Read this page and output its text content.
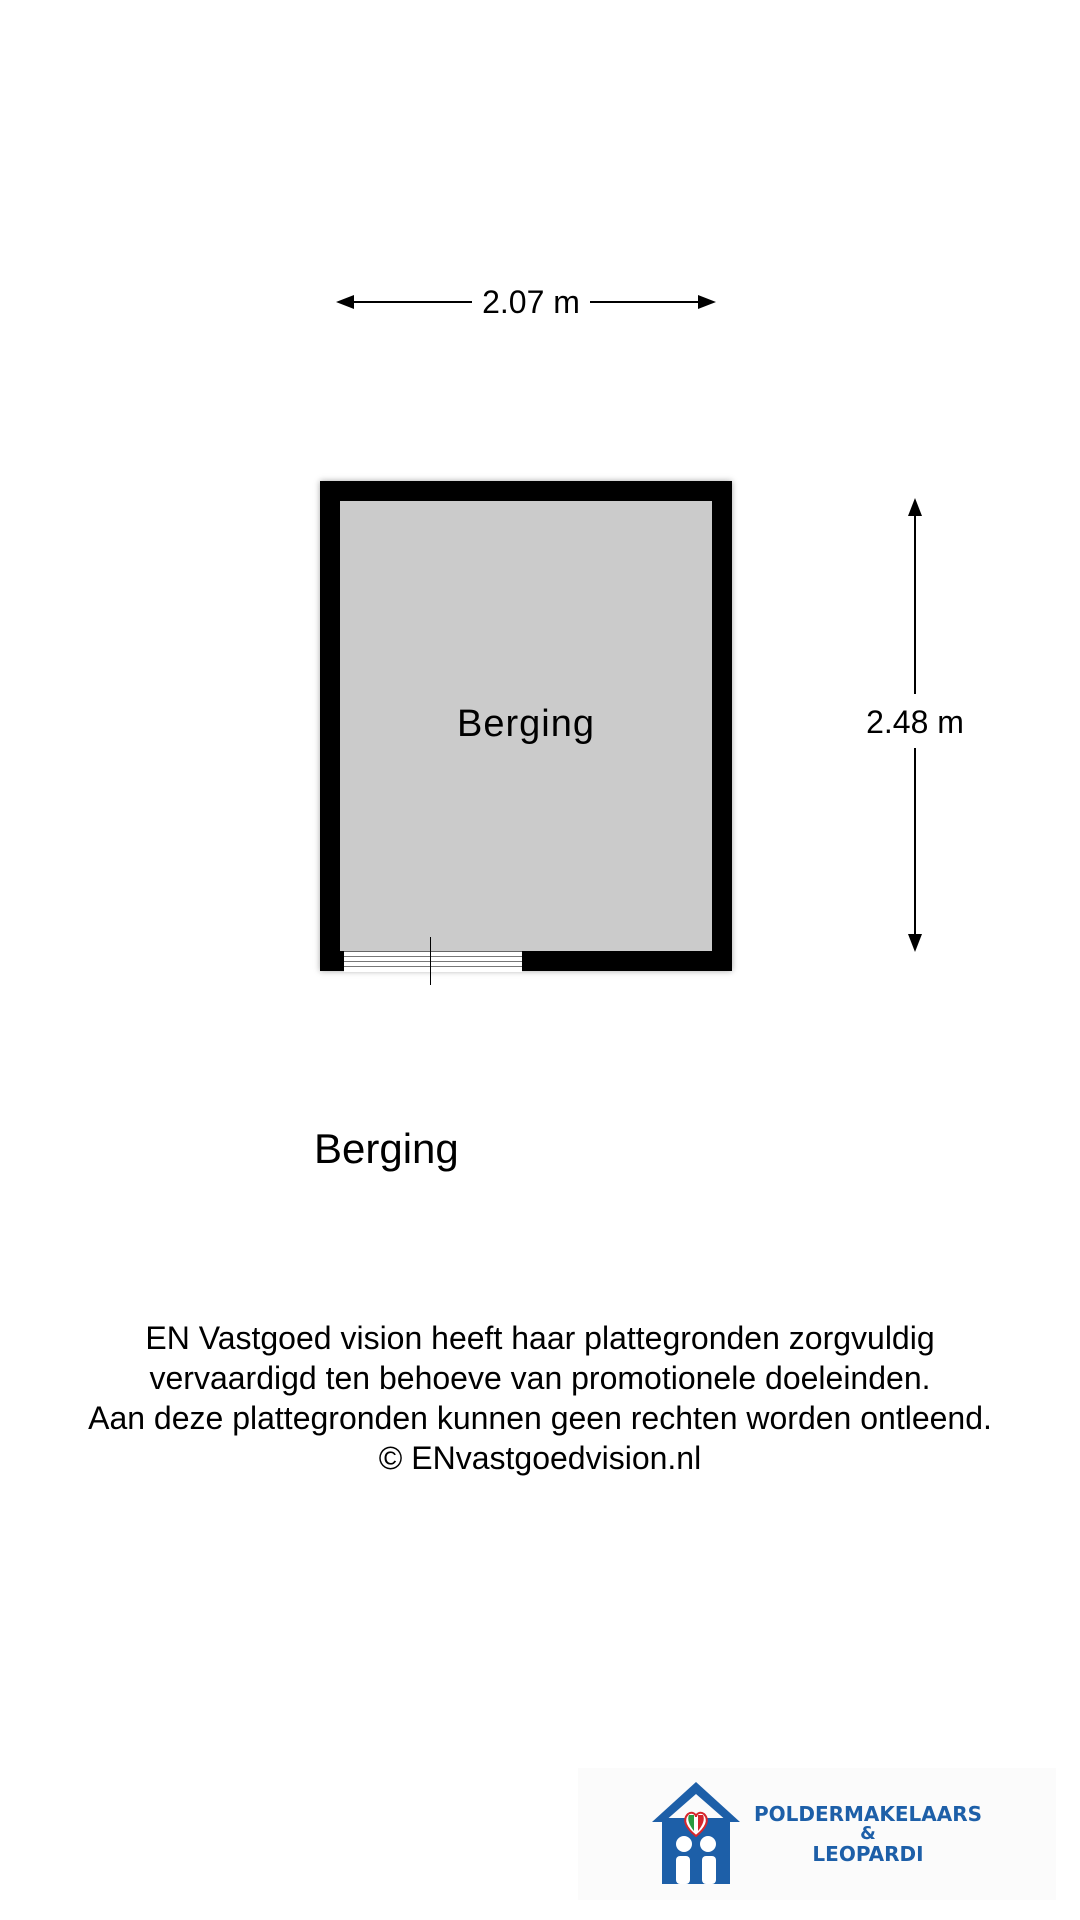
2.07 m
Berging	2.48 m
Berging
EN Vastgoed vision heeft haar plattegronden zorgvuldig
vervaardigd ten behoeve van promotionele doeleinden.
Aan deze plattegronden kunnen geen rechten worden ontleend.
© ENvastgoedvision.nl
POLDERMAKELAARS
&
LEOPARDI
